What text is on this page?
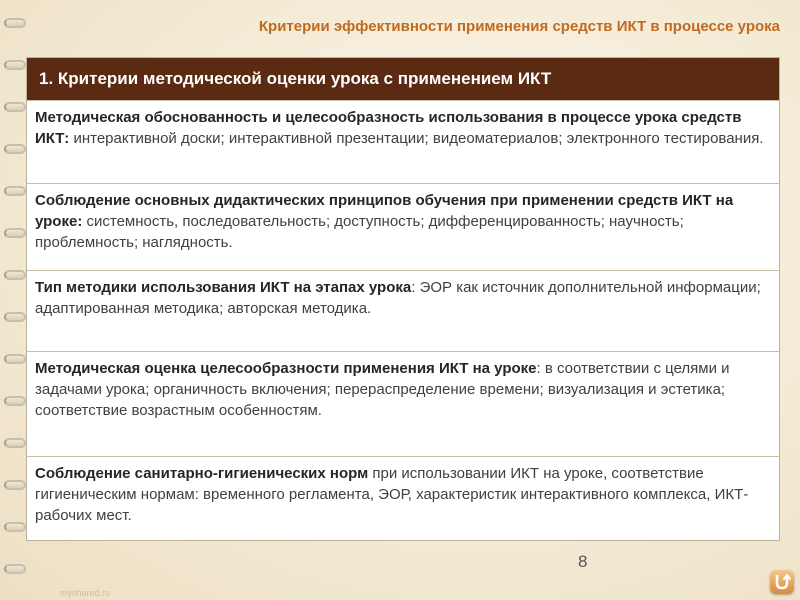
Критерии эффективности применения средств ИКТ в процессе урока
1. Критерии методической оценки урока с применением ИКТ
Методическая обоснованность и целесообразность использования в процессе урока средств ИКТ: интерактивной доски; интерактивной презентации; видеоматериалов; электронного тестирования.
Соблюдение основных дидактических принципов обучения при применении средств ИКТ на уроке: системность, последовательность; доступность; дифференцированность; научность; проблемность; наглядность.
Тип методики использования ИКТ на этапах урока: ЭОР как источник дополнительной информации; адаптированная методика; авторская методика.
Методическая оценка целесообразности применения ИКТ на уроке: в соответствии с целями и задачами урока; органичность включения; перераспределение времени; визуализация и эстетика; соответствие возрастным особенностям.
Соблюдение санитарно-гигиенических норм при использовании ИКТ на уроке, соответствие гигиеническим нормам: временного регламента, ЭОР, характеристик интерактивного комплекса, ИКТ-рабочих мест.
8
myshared.ru
